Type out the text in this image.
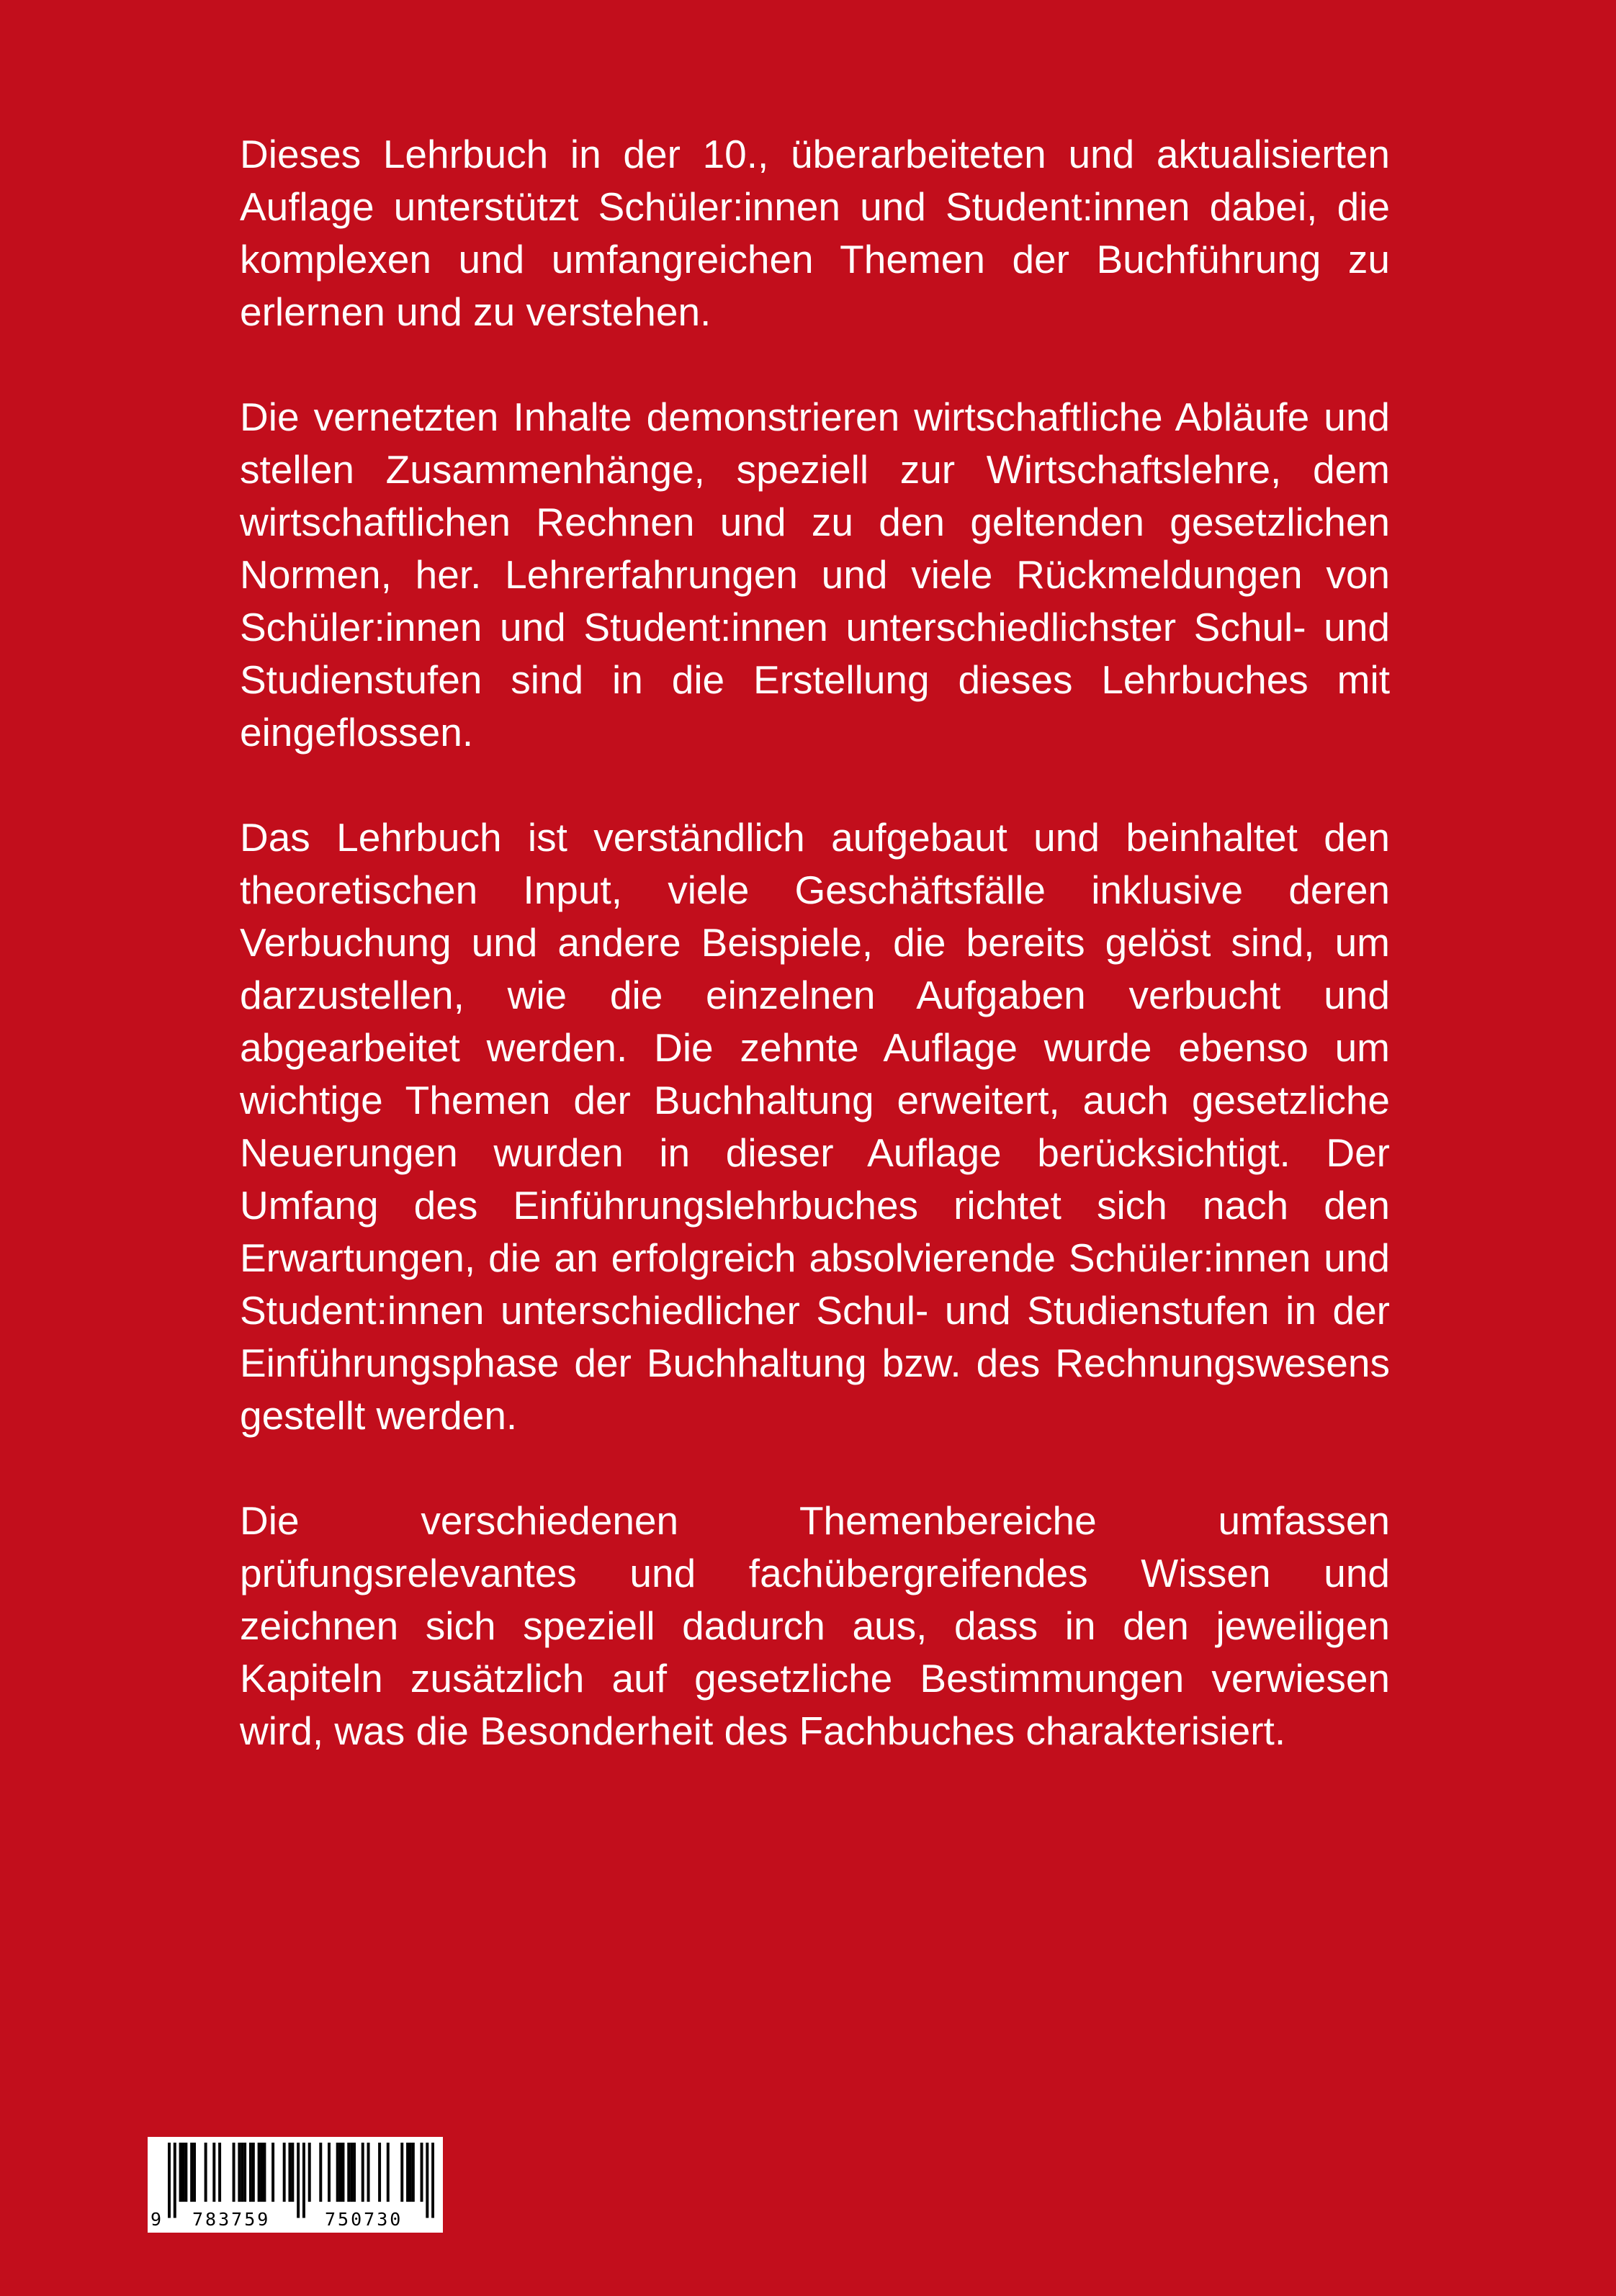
Dieses Lehrbuch in der 10., überarbeiteten und aktualisierten Auflage unterstützt Schüler:innen und Student:innen dabei, die komplexen und umfangreichen Themen der Buchführung zu erlernen und zu verstehen.

Die vernetzten Inhalte demonstrieren wirtschaftliche Abläufe und stellen Zusammenhänge, speziell zur Wirtschaftslehre, dem wirtschaftlichen Rechnen und zu den geltenden gesetzlichen Normen, her. Lehrerfahrungen und viele Rückmeldungen von Schüler:innen und Student:innen unterschiedlichster Schul- und Studienstufen sind in die Erstellung dieses Lehrbuches mit eingeflossen.

Das Lehrbuch ist verständlich aufgebaut und beinhaltet den theoretischen Input, viele Geschäftsfälle inklusive deren Verbuchung und andere Beispiele, die bereits gelöst sind, um darzustellen, wie die einzelnen Aufgaben verbucht und abgearbeitet werden. Die zehnte Auflage wurde ebenso um wichtige Themen der Buchhaltung erweitert, auch gesetzliche Neuerungen wurden in dieser Auflage berücksichtigt. Der Umfang des Einführungslehrbuches richtet sich nach den Erwartungen, die an erfolgreich absolvierende Schüler:innen und Student:innen unterschiedlicher Schul- und Studienstufen in der Einführungsphase der Buchhaltung bzw. des Rechnungswesens gestellt werden.

Die verschiedenen Themenbereiche umfassen prüfungsrelevantes und fachübergreifendes Wissen und zeichnen sich speziell dadurch aus, dass in den jeweiligen Kapiteln zusätzlich auf gesetzliche Bestimmungen verwiesen wird, was die Besonderheit des Fachbuches charakterisiert.

9 783759	750730
